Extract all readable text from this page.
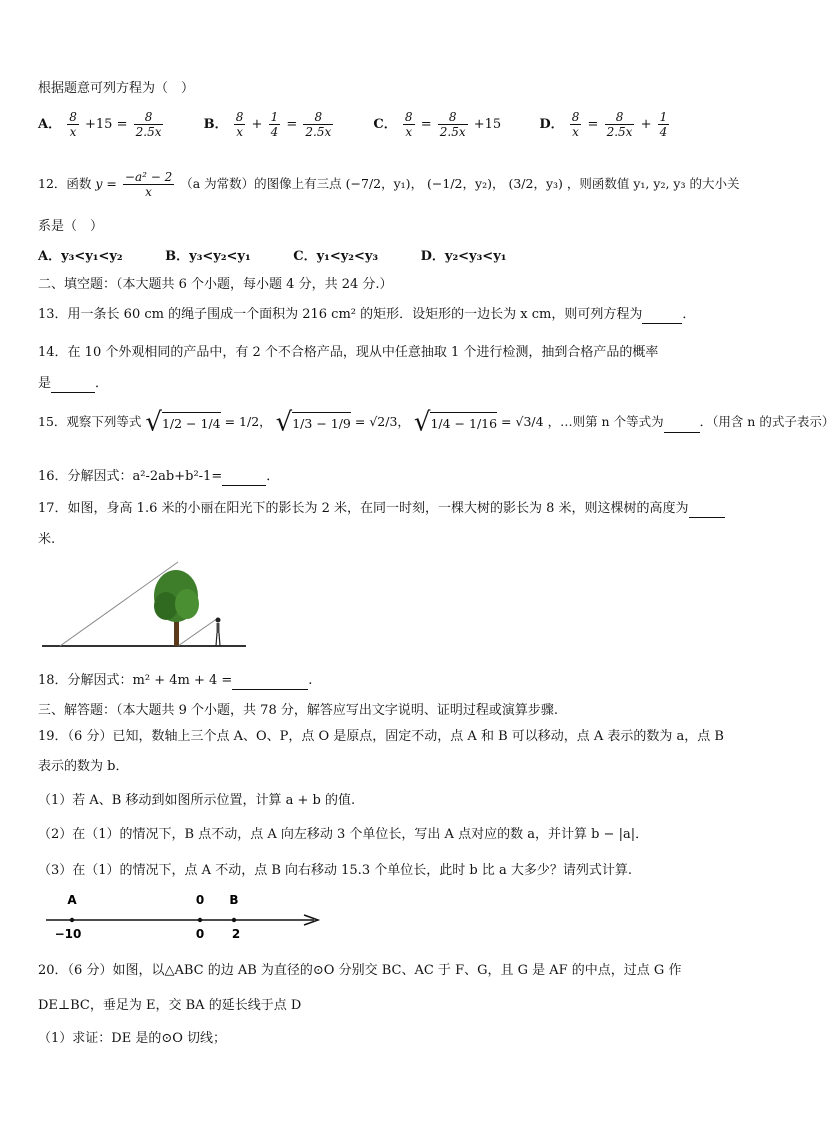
根据题意可列方程为（　）
A． $\frac{8}{x} +15 = \frac{8}{2.5x}$	B． $\frac{8}{x} + \frac{1}{4} = \frac{8}{2.5x}$	C． $\frac{8}{x} = \frac{8}{2.5x} +15$	D． $\frac{8}{x} = \frac{8}{2.5x} + \frac{1}{4}$
12．函数 $y = \frac{\text{−a² − 2}}{x} (a$ 为常数）的图像上有三点 (−7/2，y₁)， (−1/2，y₂)， (3/2，y₃) ，则函数值 y₁, y₂, y₃ 的大小关
系是（　）
A．y₃<y₁<y₂	B．y₃<y₂<y₁	C．y₁<y₂<y₃	D．y₂<y₃<y₁
二、填空题：（本大题共 6 个小题，每小题 4 分，共 24 分.）
13．用一条长 60 cm 的绳子围成一个面积为 216 cm² 的矩形．设矩形的一边长为 x cm，则可列方程为	．
14．在 10 个外观相同的产品中，有 2 个不合格产品，现从中任意抽取 1 个进行检测，抽到合格产品的概率
是	．
15．观察下列等式 √1/2 − 1/4 = 1/2， √1/3 − 1/9 = √2/3， √1/4 − 1/16 = √3/4 ，…则第 n 个等式为	．（用含 n 的式子表示）
16．分解因式：a²-2ab+b²-1=	．
17．如图，身高 1.6 米的小丽在阳光下的影长为 2 米，在同一时刻，一棵大树的影长为 8 米，则这棵树的高度为
米.
18．分解因式：m² + 4m + 4 =	.
三、解答题：（本大题共 9 个小题，共 78 分，解答应写出文字说明、证明过程或演算步骤.
19．（6 分）已知，数轴上三个点 A、O、P，点 O 是原点，固定不动，点 A 和 B 可以移动，点 A 表示的数为 a，点 B
表示的数为 b．
（1）若 A、B 移动到如图所示位置，计算 a + b 的值.
（2）在（1）的情况下，B 点不动，点 A 向左移动 3 个单位长，写出 A 点对应的数 a，并计算 b − |a|．
（3）在（1）的情况下，点 A 不动，点 B 向右移动 15.3 个单位长，此时 b 比 a 大多少？请列式计算.
A	0 B
−10	0 2
20．（6 分）如图，以△ABC 的边 AB 为直径的⊙O 分别交 BC、AC 于 F、G，且 G 是 AF 的中点，过点 G 作
DE⊥BC，垂足为 E，交 BA 的延长线于点 D
（1）求证：DE 是的⊙O 切线；
